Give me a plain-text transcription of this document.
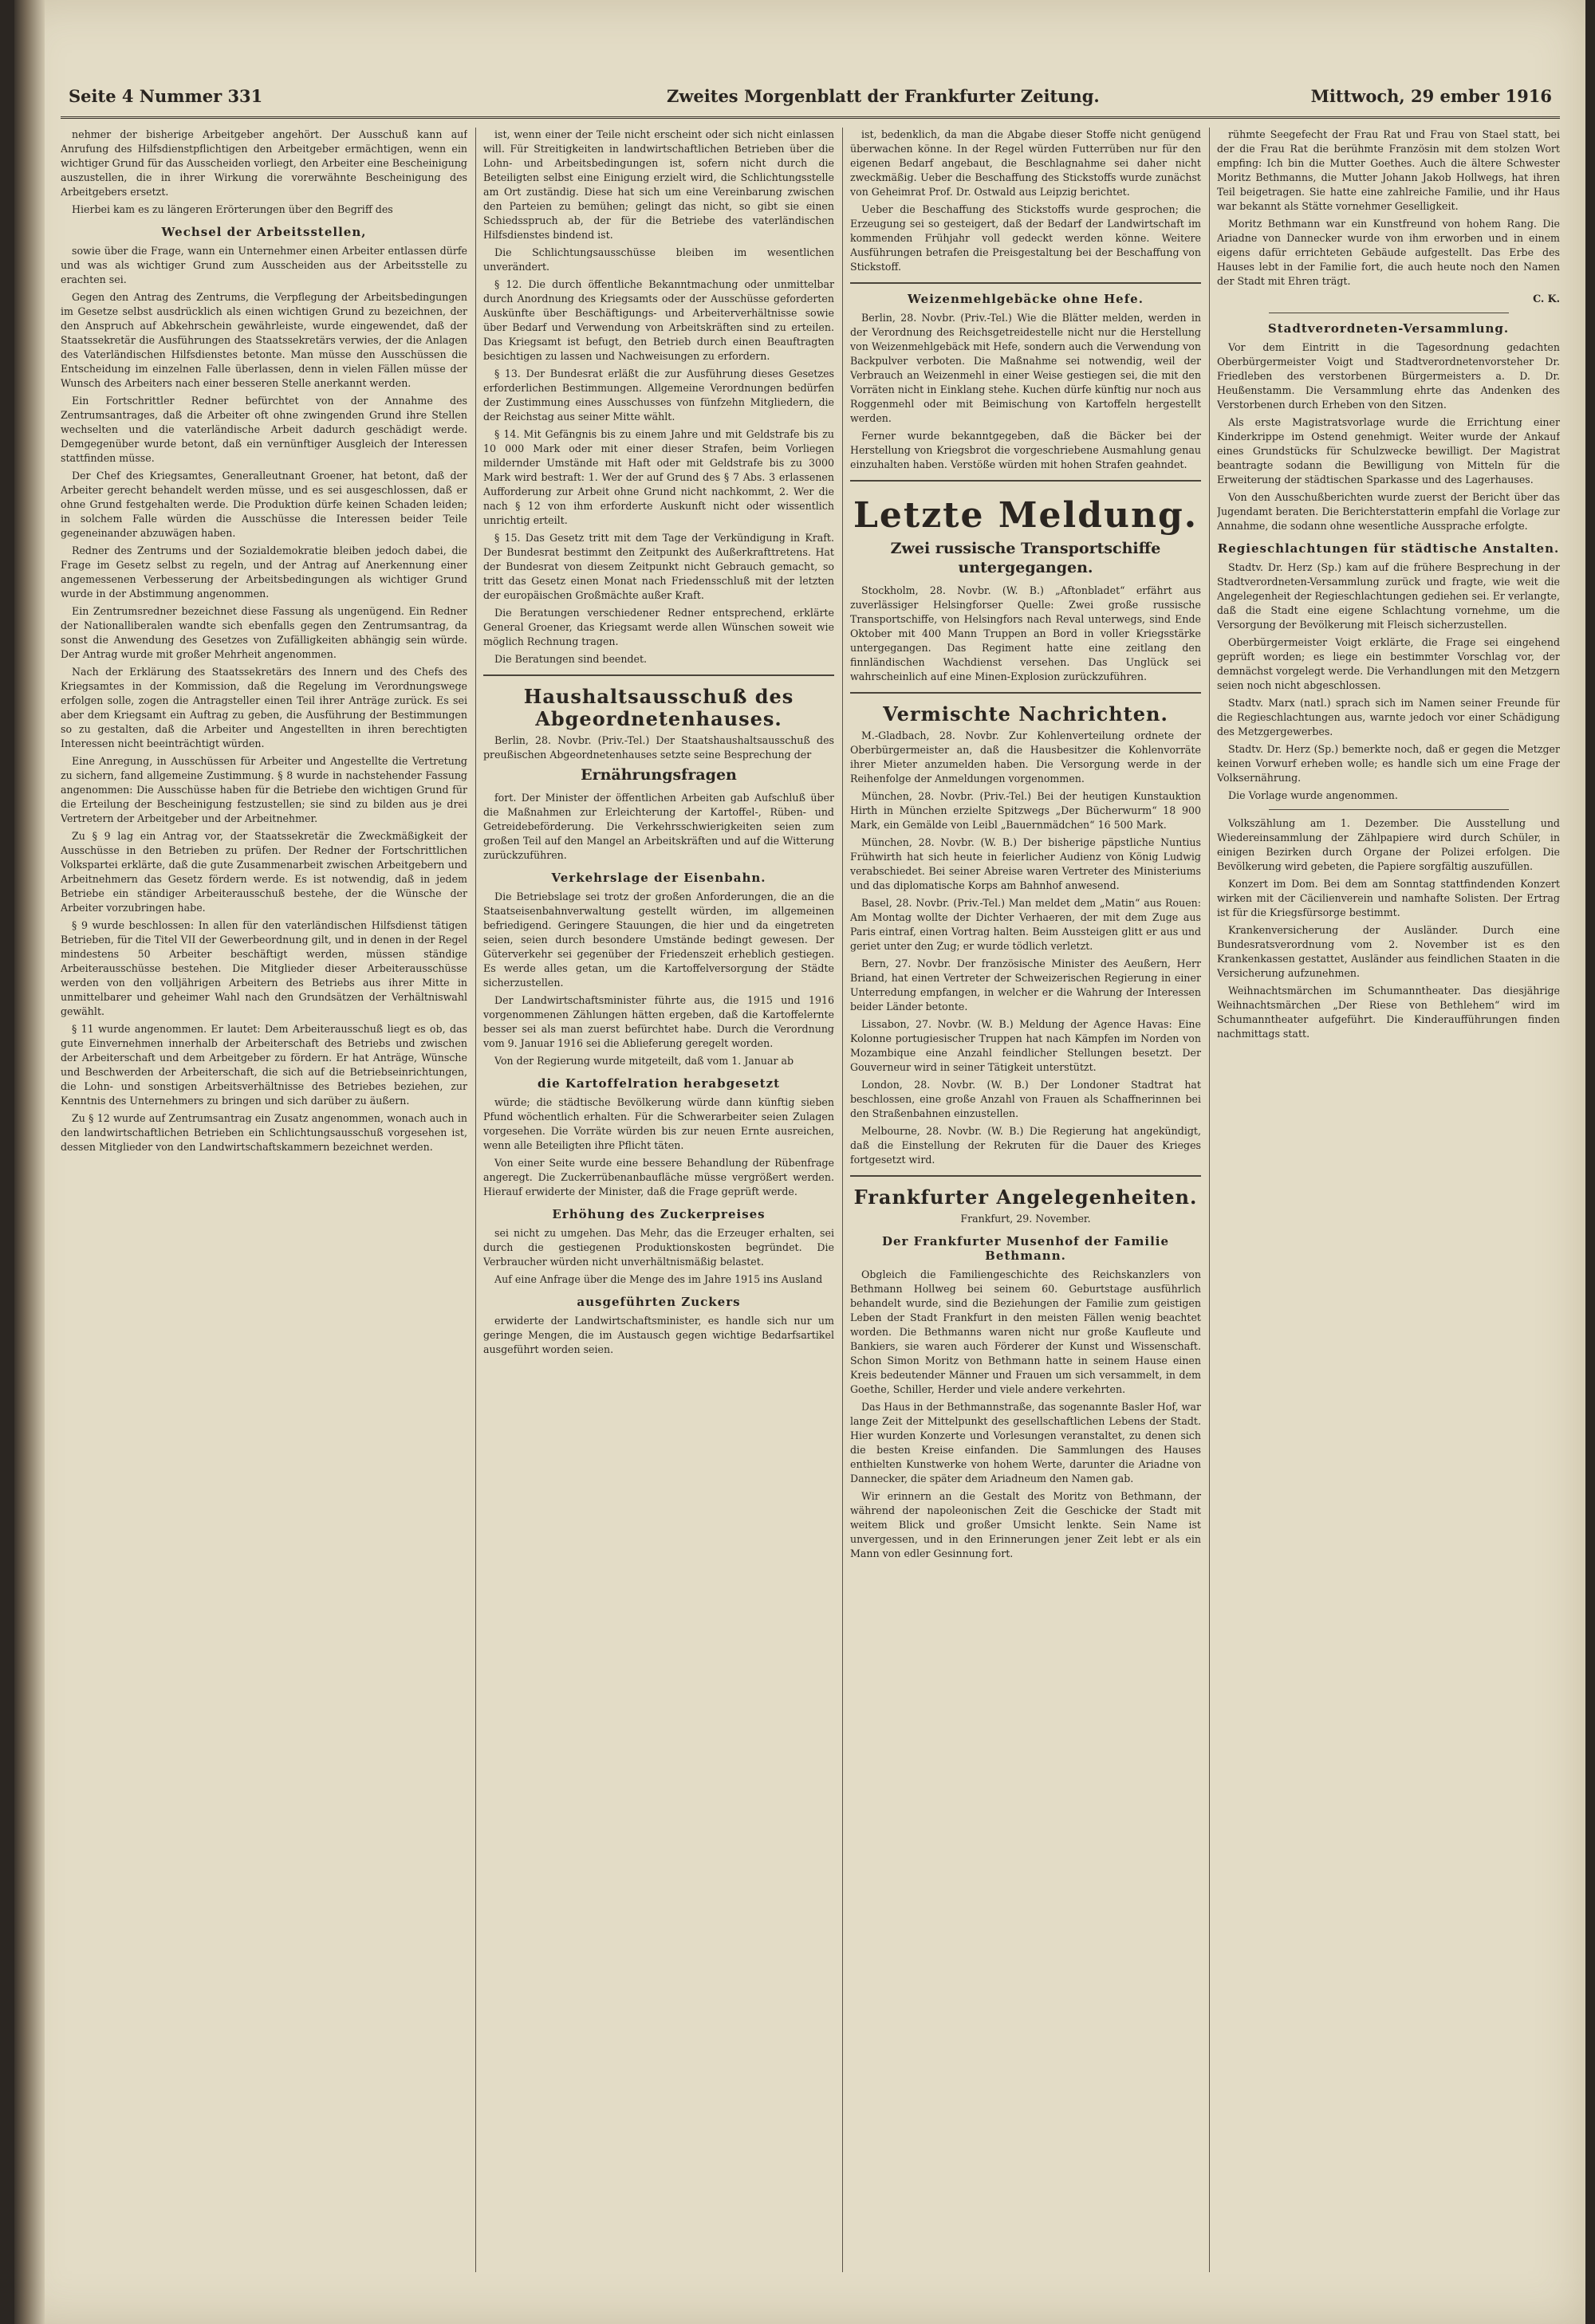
Seite 4 Nummer 331	Zweites Morgenblatt der Frankfurter Zeitung.	Mittwoch, 29 ember 1916

nehmer der bisherige Arbeitgeber angehört. Der Ausschuß kann auf Anrufung des Hilfsdienstpflichtigen den Arbeitgeber ermächtigen, wenn ein wichtiger Grund für das Ausscheiden vorliegt, den Arbeiter eine Bescheinigung auszustellen, die in ihrer Wirkung die vorerwähnte Bescheinigung des Arbeitgebers ersetzt.

Hierbei kam es zu längeren Erörterungen über den Begriff des

Wechsel der Arbeitsstellen,

sowie über die Frage, wann ein Unternehmer einen Arbeiter entlassen dürfe und was als wichtiger Grund zum Ausscheiden aus der Arbeitsstelle zu erachten sei.

Gegen den Antrag des Zentrums, die Verpflegung der Arbeitsbedingungen im Gesetze selbst ausdrücklich als einen wichtigen Grund zu bezeichnen, der den Anspruch auf Abkehrschein gewährleiste, wurde eingewendet, daß der Staatssekretär die Ausführungen des Staatssekretärs verwies, der die Anlagen des Vaterländischen Hilfsdienstes betonte. Man müsse den Ausschüssen die Entscheidung im einzelnen Falle überlassen, denn in vielen Fällen müsse der Wunsch des Arbeiters nach einer besseren Stelle anerkannt werden.

Ein Fortschrittler Redner befürchtet von der Annahme des Zentrumsantrages, daß die Arbeiter oft ohne zwingenden Grund ihre Stellen wechselten und die vaterländische Arbeit dadurch geschädigt werde. Demgegenüber wurde betont, daß ein vernünftiger Ausgleich der Interessen stattfinden müsse.

Der Chef des Kriegsamtes, Generalleutnant Groener, hat betont, daß der Arbeiter gerecht behandelt werden müsse, und es sei ausgeschlossen, daß er ohne Grund festgehalten werde. Die Produktion dürfe keinen Schaden leiden; in solchem Falle würden die Ausschüsse die Interessen beider Teile gegeneinander abzuwägen haben.

Redner des Zentrums und der Sozialdemokratie bleiben jedoch dabei, die Frage im Gesetz selbst zu regeln, und der Antrag auf Anerkennung einer angemessenen Verbesserung der Arbeitsbedingungen als wichtiger Grund wurde in der Abstimmung angenommen.

Ein Zentrumsredner bezeichnet diese Fassung als ungenügend. Ein Redner der Nationalliberalen wandte sich ebenfalls gegen den Zentrumsantrag, da sonst die Anwendung des Gesetzes von Zufälligkeiten abhängig sein würde. Der Antrag wurde mit großer Mehrheit angenommen.

Nach der Erklärung des Staatssekretärs des Innern und des Chefs des Kriegsamtes in der Kommission, daß die Regelung im Verordnungswege erfolgen solle, zogen die Antragsteller einen Teil ihrer Anträge zurück. Es sei aber dem Kriegsamt ein Auftrag zu geben, die Ausführung der Bestimmungen so zu gestalten, daß die Arbeiter und Angestellten in ihren berechtigten Interessen nicht beeinträchtigt würden.

Eine Anregung, in Ausschüssen für Arbeiter und Angestellte die Vertretung zu sichern, fand allgemeine Zustimmung. § 8 wurde in nachstehender Fassung angenommen: Die Ausschüsse haben für die Betriebe den wichtigen Grund für die Erteilung der Bescheinigung festzustellen; sie sind zu bilden aus je drei Vertretern der Arbeitgeber und der Arbeitnehmer.

Zu § 9 lag ein Antrag vor, der Staatssekretär die Zweckmäßigkeit der Ausschüsse in den Betrieben zu prüfen. Der Redner der Fortschrittlichen Volkspartei erklärte, daß die gute Zusammenarbeit zwischen Arbeitgebern und Arbeitnehmern das Gesetz fördern werde. Es ist notwendig, daß in jedem Betriebe ein ständiger Arbeiterausschuß bestehe, der die Wünsche der Arbeiter vorzubringen habe.

§ 9 wurde beschlossen: In allen für den vaterländischen Hilfsdienst tätigen Betrieben, für die Titel VII der Gewerbeordnung gilt, und in denen in der Regel mindestens 50 Arbeiter beschäftigt werden, müssen ständige Arbeiterausschüsse bestehen. Die Mitglieder dieser Arbeiterausschüsse werden von den volljährigen Arbeitern des Betriebs aus ihrer Mitte in unmittelbarer und geheimer Wahl nach den Grundsätzen der Verhältniswahl gewählt.

§ 11 wurde angenommen. Er lautet: Dem Arbeiterausschuß liegt es ob, das gute Einvernehmen innerhalb der Arbeiterschaft des Betriebs und zwischen der Arbeiterschaft und dem Arbeitgeber zu fördern. Er hat Anträge, Wünsche und Beschwerden der Arbeiterschaft, die sich auf die Betriebseinrichtungen, die Lohn- und sonstigen Arbeitsverhältnisse des Betriebes beziehen, zur Kenntnis des Unternehmers zu bringen und sich darüber zu äußern.

Zu § 12 wurde auf Zentrumsantrag ein Zusatz angenommen, wonach auch in den landwirtschaftlichen Betrieben ein Schlichtungsausschuß vorgesehen ist, dessen Mitglieder von den Landwirtschaftskammern bezeichnet werden.

ist, wenn einer der Teile nicht erscheint oder sich nicht einlassen will. Für Streitigkeiten in landwirtschaftlichen Betrieben über die Lohn- und Arbeitsbedingungen ist, sofern nicht durch die Beteiligten selbst eine Einigung erzielt wird, die Schlichtungsstelle am Ort zuständig. Diese hat sich um eine Vereinbarung zwischen den Parteien zu bemühen; gelingt das nicht, so gibt sie einen Schiedsspruch ab, der für die Betriebe des vaterländischen Hilfsdienstes bindend ist.

Die Schlichtungsausschüsse bleiben im wesentlichen unverändert.

§ 12. Die durch öffentliche Bekanntmachung oder unmittelbar durch Anordnung des Kriegsamts oder der Ausschüsse geforderten Auskünfte über Beschäftigungs- und Arbeiterverhältnisse sowie über Bedarf und Verwendung von Arbeitskräften sind zu erteilen. Das Kriegsamt ist befugt, den Betrieb durch einen Beauftragten besichtigen zu lassen und Nachweisungen zu erfordern.

§ 13. Der Bundesrat erläßt die zur Ausführung dieses Gesetzes erforderlichen Bestimmungen. Allgemeine Verordnungen bedürfen der Zustimmung eines Ausschusses von fünfzehn Mitgliedern, die der Reichstag aus seiner Mitte wählt.

§ 14. Mit Gefängnis bis zu einem Jahre und mit Geldstrafe bis zu 10 000 Mark oder mit einer dieser Strafen, beim Vorliegen mildernder Umstände mit Haft oder mit Geldstrafe bis zu 3000 Mark wird bestraft: 1. Wer der auf Grund des § 7 Abs. 3 erlassenen Aufforderung zur Arbeit ohne Grund nicht nachkommt, 2. Wer die nach § 12 von ihm erforderte Auskunft nicht oder wissentlich unrichtig erteilt.

§ 15. Das Gesetz tritt mit dem Tage der Verkündigung in Kraft. Der Bundesrat bestimmt den Zeitpunkt des Außerkrafttretens. Hat der Bundesrat von diesem Zeitpunkt nicht Gebrauch gemacht, so tritt das Gesetz einen Monat nach Friedensschluß mit der letzten der europäischen Großmächte außer Kraft.

Die Beratungen verschiedener Redner entsprechend, erklärte General Groener, das Kriegsamt werde allen Wünschen soweit wie möglich Rechnung tragen.

Die Beratungen sind beendet.

Haushaltsausschuß des Abgeordnetenhauses.

Berlin, 28. Novbr. (Priv.-Tel.) Der Staatshaushaltsausschuß des preußischen Abgeordnetenhauses setzte seine Besprechung der

Ernährungsfragen

fort. Der Minister der öffentlichen Arbeiten gab Aufschluß über die Maßnahmen zur Erleichterung der Kartoffel-, Rüben- und Getreidebeförderung. Die Verkehrsschwierigkeiten seien zum großen Teil auf den Mangel an Arbeitskräften und auf die Witterung zurückzuführen.

Verkehrslage der Eisenbahn.

Die Betriebslage sei trotz der großen Anforderungen, die an die Staatseisenbahnverwaltung gestellt würden, im allgemeinen befriedigend. Geringere Stauungen, die hier und da eingetreten seien, seien durch besondere Umstände bedingt gewesen. Der Güterverkehr sei gegenüber der Friedenszeit erheblich gestiegen. Es werde alles getan, um die Kartoffelversorgung der Städte sicherzustellen.

Der Landwirtschaftsminister führte aus, die 1915 und 1916 vorgenommenen Zählungen hätten ergeben, daß die Kartoffelernte besser sei als man zuerst befürchtet habe. Durch die Verordnung vom 9. Januar 1916 sei die Ablieferung geregelt worden.

Von der Regierung wurde mitgeteilt, daß vom 1. Januar ab

die Kartoffelration herabgesetzt

würde; die städtische Bevölkerung würde dann künftig sieben Pfund wöchentlich erhalten. Für die Schwerarbeiter seien Zulagen vorgesehen. Die Vorräte würden bis zur neuen Ernte ausreichen, wenn alle Beteiligten ihre Pflicht täten.

Von einer Seite wurde eine bessere Behandlung der Rübenfrage angeregt. Die Zuckerrübenanbaufläche müsse vergrößert werden. Hierauf erwiderte der Minister, daß die Frage geprüft werde.

Erhöhung des Zuckerpreises

sei nicht zu umgehen. Das Mehr, das die Erzeuger erhalten, sei durch die gestiegenen Produktionskosten begründet. Die Verbraucher würden nicht unverhältnismäßig belastet.

Auf eine Anfrage über die Menge des im Jahre 1915 ins Ausland

ausgeführten Zuckers

erwiderte der Landwirtschaftsminister, es handle sich nur um geringe Mengen, die im Austausch gegen wichtige Bedarfsartikel ausgeführt worden seien.

ist, bedenklich, da man die Abgabe dieser Stoffe nicht genügend überwachen könne. In der Regel würden Futterrüben nur für den eigenen Bedarf angebaut, die Beschlagnahme sei daher nicht zweckmäßig. Ueber die Beschaffung des Stickstoffs wurde zunächst von Geheimrat Prof. Dr. Ostwald aus Leipzig berichtet.

Ueber die Beschaffung des Stickstoffs wurde gesprochen; die Erzeugung sei so gesteigert, daß der Bedarf der Landwirtschaft im kommenden Frühjahr voll gedeckt werden könne. Weitere Ausführungen betrafen die Preisgestaltung bei der Beschaffung von Stickstoff.

Weizenmehlgebäcke ohne Hefe.

Berlin, 28. Novbr. (Priv.-Tel.) Wie die Blätter melden, werden in der Verordnung des Reichsgetreidestelle nicht nur die Herstellung von Weizenmehlgebäck mit Hefe, sondern auch die Verwendung von Backpulver verboten. Die Maßnahme sei notwendig, weil der Verbrauch an Weizenmehl in einer Weise gestiegen sei, die mit den Vorräten nicht in Einklang stehe. Kuchen dürfe künftig nur noch aus Roggenmehl oder mit Beimischung von Kartoffeln hergestellt werden.

Ferner wurde bekanntgegeben, daß die Bäcker bei der Herstellung von Kriegsbrot die vorgeschriebene Ausmahlung genau einzuhalten haben. Verstöße würden mit hohen Strafen geahndet.

Letzte Meldung.
Zwei russische Transportschiffe untergegangen.

Stockholm, 28. Novbr. (W. B.) „Aftonbladet“ erfährt aus zuverlässiger Helsingforser Quelle: Zwei große russische Transportschiffe, von Helsingfors nach Reval unterwegs, sind Ende Oktober mit 400 Mann Truppen an Bord in voller Kriegsstärke untergegangen. Das Regiment hatte eine zeitlang den finnländischen Wachdienst versehen. Das Unglück sei wahrscheinlich auf eine Minen-Explosion zurückzuführen.

Vermischte Nachrichten.

M.-Gladbach, 28. Novbr. Zur Kohlenverteilung ordnete der Oberbürgermeister an, daß die Hausbesitzer die Kohlenvorräte ihrer Mieter anzumelden haben. Die Versorgung werde in der Reihenfolge der Anmeldungen vorgenommen.

München, 28. Novbr. (Priv.-Tel.) Bei der heutigen Kunstauktion Hirth in München erzielte Spitzwegs „Der Bücherwurm“ 18 900 Mark, ein Gemälde von Leibl „Bauernmädchen“ 16 500 Mark.

München, 28. Novbr. (W. B.) Der bisherige päpstliche Nuntius Frühwirth hat sich heute in feierlicher Audienz von König Ludwig verabschiedet. Bei seiner Abreise waren Vertreter des Ministeriums und das diplomatische Korps am Bahnhof anwesend.

Basel, 28. Novbr. (Priv.-Tel.) Man meldet dem „Matin“ aus Rouen: Am Montag wollte der Dichter Verhaeren, der mit dem Zuge aus Paris eintraf, einen Vortrag halten. Beim Aussteigen glitt er aus und geriet unter den Zug; er wurde tödlich verletzt.

Bern, 27. Novbr. Der französische Minister des Aeußern, Herr Briand, hat einen Vertreter der Schweizerischen Regierung in einer Unterredung empfangen, in welcher er die Wahrung der Interessen beider Länder betonte.

Lissabon, 27. Novbr. (W. B.) Meldung der Agence Havas: Eine Kolonne portugiesischer Truppen hat nach Kämpfen im Norden von Mozambique eine Anzahl feindlicher Stellungen besetzt. Der Gouverneur wird in seiner Tätigkeit unterstützt.

London, 28. Novbr. (W. B.) Der Londoner Stadtrat hat beschlossen, eine große Anzahl von Frauen als Schaffnerinnen bei den Straßenbahnen einzustellen.

Melbourne, 28. Novbr. (W. B.) Die Regierung hat angekündigt, daß die Einstellung der Rekruten für die Dauer des Krieges fortgesetzt wird.

Frankfurter Angelegenheiten.

Frankfurt, 29. November.

Der Frankfurter Musenhof der Familie Bethmann.

Obgleich die Familiengeschichte des Reichskanzlers von Bethmann Hollweg bei seinem 60. Geburtstage ausführlich behandelt wurde, sind die Beziehungen der Familie zum geistigen Leben der Stadt Frankfurt in den meisten Fällen wenig beachtet worden. Die Bethmanns waren nicht nur große Kaufleute und Bankiers, sie waren auch Förderer der Kunst und Wissenschaft. Schon Simon Moritz von Bethmann hatte in seinem Hause einen Kreis bedeutender Männer und Frauen um sich versammelt, in dem Goethe, Schiller, Herder und viele andere verkehrten.

Das Haus in der Bethmannstraße, das sogenannte Basler Hof, war lange Zeit der Mittelpunkt des gesellschaftlichen Lebens der Stadt. Hier wurden Konzerte und Vorlesungen veranstaltet, zu denen sich die besten Kreise einfanden. Die Sammlungen des Hauses enthielten Kunstwerke von hohem Werte, darunter die Ariadne von Dannecker, die später dem Ariadneum den Namen gab.

Wir erinnern an die Gestalt des Moritz von Bethmann, der während der napoleonischen Zeit die Geschicke der Stadt mit weitem Blick und großer Umsicht lenkte. Sein Name ist unvergessen, und in den Erinnerungen jener Zeit lebt er als ein Mann von edler Gesinnung fort.

rühmte Seegefecht der Frau Rat und Frau von Stael statt, bei der die Frau Rat die berühmte Französin mit dem stolzen Wort empfing: Ich bin die Mutter Goethes. Auch die ältere Schwester Moritz Bethmanns, die Mutter Johann Jakob Hollwegs, hat ihren Teil beigetragen. Sie hatte eine zahlreiche Familie, und ihr Haus war bekannt als Stätte vornehmer Geselligkeit.

Moritz Bethmann war ein Kunstfreund von hohem Rang. Die Ariadne von Dannecker wurde von ihm erworben und in einem eigens dafür errichteten Gebäude aufgestellt. Das Erbe des Hauses lebt in der Familie fort, die auch heute noch den Namen der Stadt mit Ehren trägt.

C. K.
Stadtverordneten-Versammlung.

Vor dem Eintritt in die Tagesordnung gedachten Oberbürgermeister Voigt und Stadtverordnetenvorsteher Dr. Friedleben des verstorbenen Bürgermeisters a. D. Dr. Heußenstamm. Die Versammlung ehrte das Andenken des Verstorbenen durch Erheben von den Sitzen.

Als erste Magistratsvorlage wurde die Errichtung einer Kinderkrippe im Ostend genehmigt. Weiter wurde der Ankauf eines Grundstücks für Schulzwecke bewilligt. Der Magistrat beantragte sodann die Bewilligung von Mitteln für die Erweiterung der städtischen Sparkasse und des Lagerhauses.

Von den Ausschußberichten wurde zuerst der Bericht über das Jugendamt beraten. Die Berichterstatterin empfahl die Vorlage zur Annahme, die sodann ohne wesentliche Aussprache erfolgte.

Regieschlachtungen für städtische Anstalten.

Stadtv. Dr. Herz (Sp.) kam auf die frühere Besprechung in der Stadtverordneten-Versammlung zurück und fragte, wie weit die Angelegenheit der Regieschlachtungen gediehen sei. Er verlangte, daß die Stadt eine eigene Schlachtung vornehme, um die Versorgung der Bevölkerung mit Fleisch sicherzustellen.

Oberbürgermeister Voigt erklärte, die Frage sei eingehend geprüft worden; es liege ein bestimmter Vorschlag vor, der demnächst vorgelegt werde. Die Verhandlungen mit den Metzgern seien noch nicht abgeschlossen.

Stadtv. Marx (natl.) sprach sich im Namen seiner Freunde für die Regieschlachtungen aus, warnte jedoch vor einer Schädigung des Metzgergewerbes.

Stadtv. Dr. Herz (Sp.) bemerkte noch, daß er gegen die Metzger keinen Vorwurf erheben wolle; es handle sich um eine Frage der Volksernährung.

Die Vorlage wurde angenommen.

Volkszählung am 1. Dezember. Die Ausstellung und Wiedereinsammlung der Zählpapiere wird durch Schüler, in einigen Bezirken durch Organe der Polizei erfolgen. Die Bevölkerung wird gebeten, die Papiere sorgfältig auszufüllen.

Konzert im Dom. Bei dem am Sonntag stattfindenden Konzert wirken mit der Cäcilienverein und namhafte Solisten. Der Ertrag ist für die Kriegsfürsorge bestimmt.

Krankenversicherung der Ausländer. Durch eine Bundesratsverordnung vom 2. November ist es den Krankenkassen gestattet, Ausländer aus feindlichen Staaten in die Versicherung aufzunehmen.

Weihnachtsmärchen im Schumanntheater. Das diesjährige Weihnachtsmärchen „Der Riese von Bethlehem“ wird im Schumanntheater aufgeführt. Die Kinderaufführungen finden nachmittags statt.
